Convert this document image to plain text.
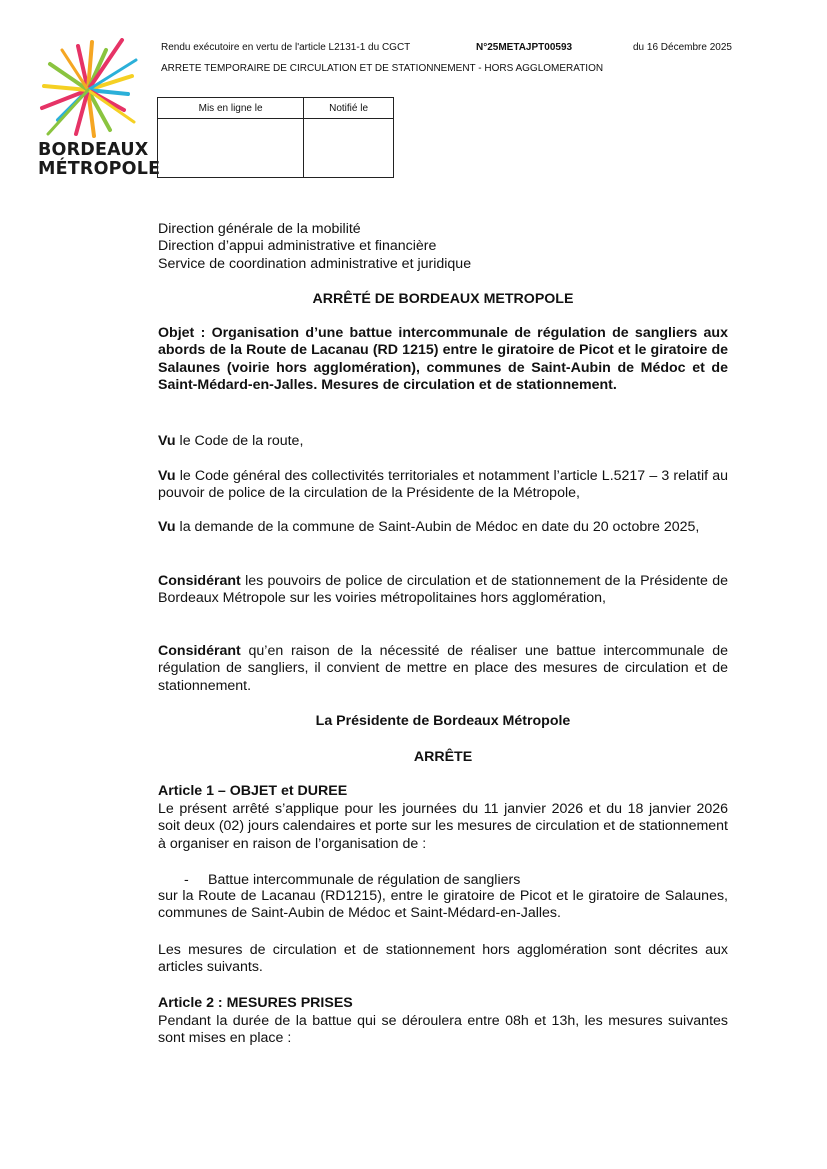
Rendu exécutoire en vertu de l'article L2131-1 du CGCT	N°25METAJPT00593	du 16 Décembre 2025
ARRETE TEMPORAIRE DE CIRCULATION ET DE STATIONNEMENT - HORS AGGLOMERATION
BORDEAUX
MÉTROPOLE
Mis en ligne le	Notifié le

Direction générale de la mobilité
Direction d’appui administrative et financière
Service de coordination administrative et juridique
ARRÊTÉ DE BORDEAUX METROPOLE
Objet : Organisation d’une battue intercommunale de régulation de sangliers aux abords de la Route de Lacanau (RD 1215) entre le giratoire de Picot et le giratoire de Salaunes (voirie hors agglomération), communes de Saint-Aubin de Médoc et de Saint-Médard-en-Jalles. Mesures de circulation et de stationnement.
Vu le Code de la route,
Vu le Code général des collectivités territoriales et notamment l’article L.5217 – 3 relatif au pouvoir de police de la circulation de la Présidente de la Métropole,
Vu la demande de la commune de Saint-Aubin de Médoc en date du 20 octobre 2025,
Considérant les pouvoirs de police de circulation et de stationnement de la Présidente de Bordeaux Métropole sur les voiries métropolitaines hors agglomération,
Considérant qu’en raison de la nécessité de réaliser une battue intercommunale de régulation de sangliers, il convient de mettre en place des mesures de circulation et de stationnement.
La Présidente de Bordeaux Métropole
ARRÊTE
Article 1 – OBJET et DUREE
Le présent arrêté s’applique pour les journées du 11 janvier 2026 et du 18 janvier 2026 soit deux (02) jours calendaires et porte sur les mesures de circulation et de stationnement à organiser en raison de l’organisation de :
- Battue intercommunale de régulation de sangliers
sur la Route de Lacanau (RD1215), entre le giratoire de Picot et le giratoire de Salaunes, communes de Saint-Aubin de Médoc et Saint-Médard-en-Jalles.
Les mesures de circulation et de stationnement hors agglomération sont décrites aux articles suivants.
Article 2 : MESURES PRISES
Pendant la durée de la battue qui se déroulera entre 08h et 13h, les mesures suivantes sont mises en place :
